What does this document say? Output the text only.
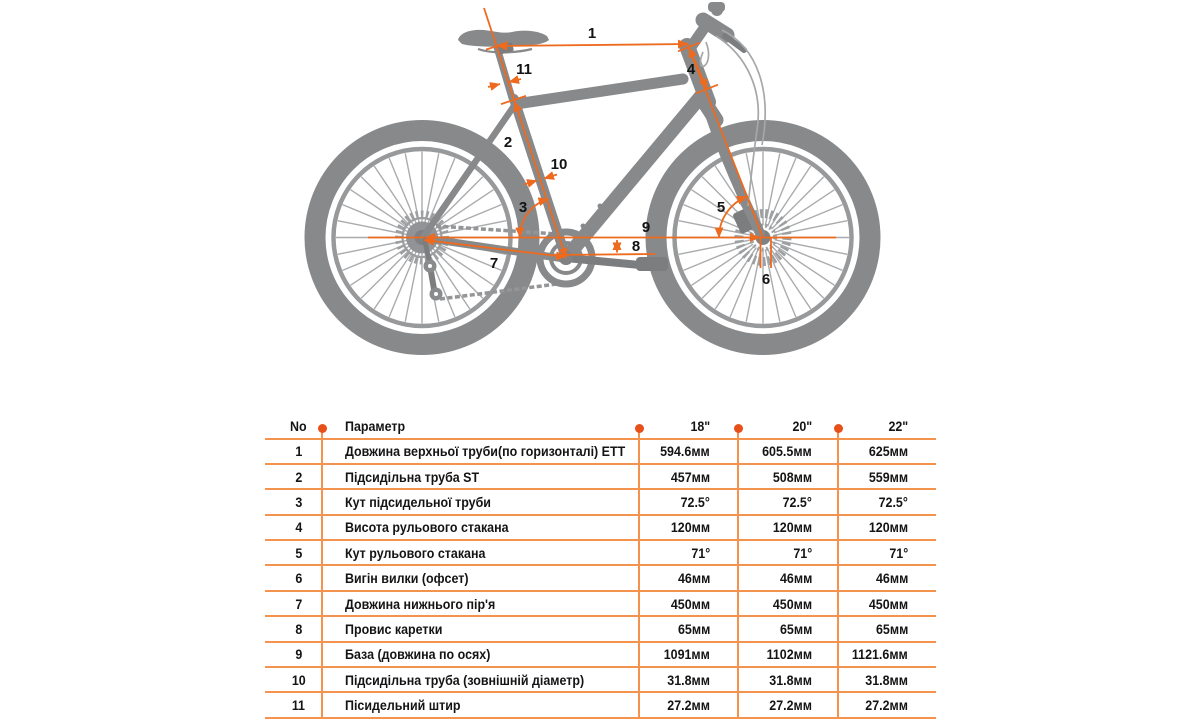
1
2
3
4
5
6
7
8
9
10
11
No	Параметр	18"	20"	22"
1	Довжина верхньої труби(по горизонталі) ETT	594.6мм	605.5мм	625мм
2	Підсидільна труба ST	457мм	508мм	559мм
3	Кут підсидельної труби	72.5°	72.5°	72.5°
4	Висота рульового стакана	120мм	120мм	120мм
5	Кут рульового стакана	71°	71°	71°
6	Вигін вилки (офсет)	46мм	46мм	46мм
7	Довжина нижнього пір'я	450мм	450мм	450мм
8	Провис каретки	65мм	65мм	65мм
9	База (довжина по осях)	1091мм	1102мм	1121.6мм
10	Підсидільна труба (зовнішній діаметр)	31.8мм	31.8мм	31.8мм
11	Пісидельний штир	27.2мм	27.2мм	27.2мм
